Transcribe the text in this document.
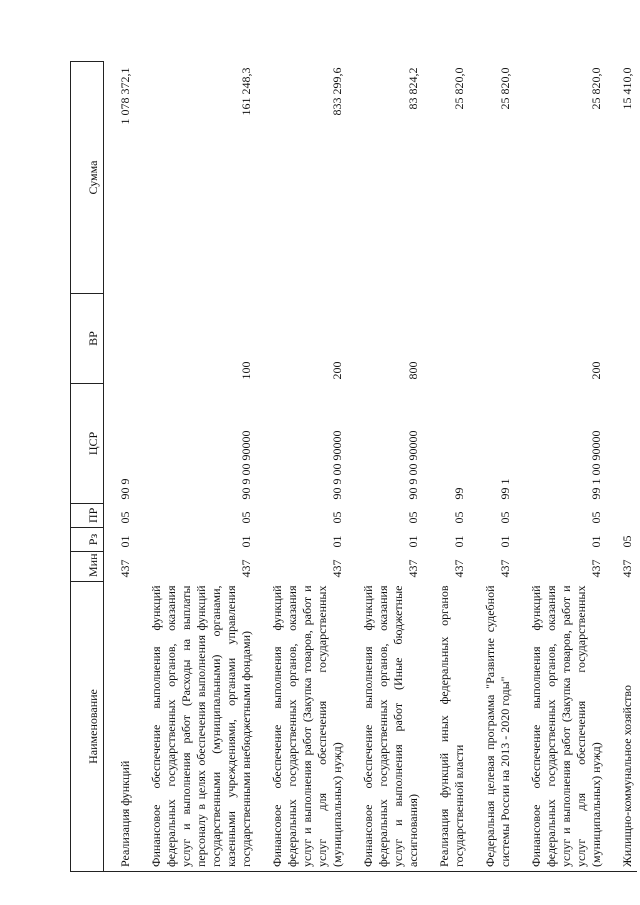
Наименование	Мин	Рз	ПР	ЦСР	ВР	Сумма

Реализация функций	437	01	05	90 9		1 078 372,1

Финансовое обеспечение выполнения функций федеральных государственных органов, оказания услуг и выполнения работ (Расходы на выплаты персоналу в целях обеспечения выполнения функций государственными (муниципальными) органами, казенными учреждениями, органами управления государственными внебюджетными фондами)	437	01	05	90 9 00 90000	100	161 248,3

Финансовое обеспечение выполнения функций федеральных государственных органов, оказания услуг и выполнения работ (Закупка товаров, работ и услуг для обеспечения государственных (муниципальных) нужд)	437	01	05	90 9 00 90000	200	833 299,6

Финансовое обеспечение выполнения функций федеральных государственных органов, оказания услуг и выполнения работ (Иные бюджетные ассигнования)	437	01	05	90 9 00 90000	800	83 824,2

Реализация функций иных федеральных органов государственной власти	437	01	05	99		25 820,0

Федеральная целевая программа "Развитие судебной системы России на 2013 - 2020 годы"	437	01	05	99 1		25 820,0

Финансовое обеспечение выполнения функций федеральных государственных органов, оказания услуг и выполнения работ (Закупка товаров, работ и услуг для обеспечения государственных (муниципальных) нужд)	437	01	05	99 1 00 90000	200	25 820,0

Жилищно-коммунальное хозяйство	437	05				15 410,0
